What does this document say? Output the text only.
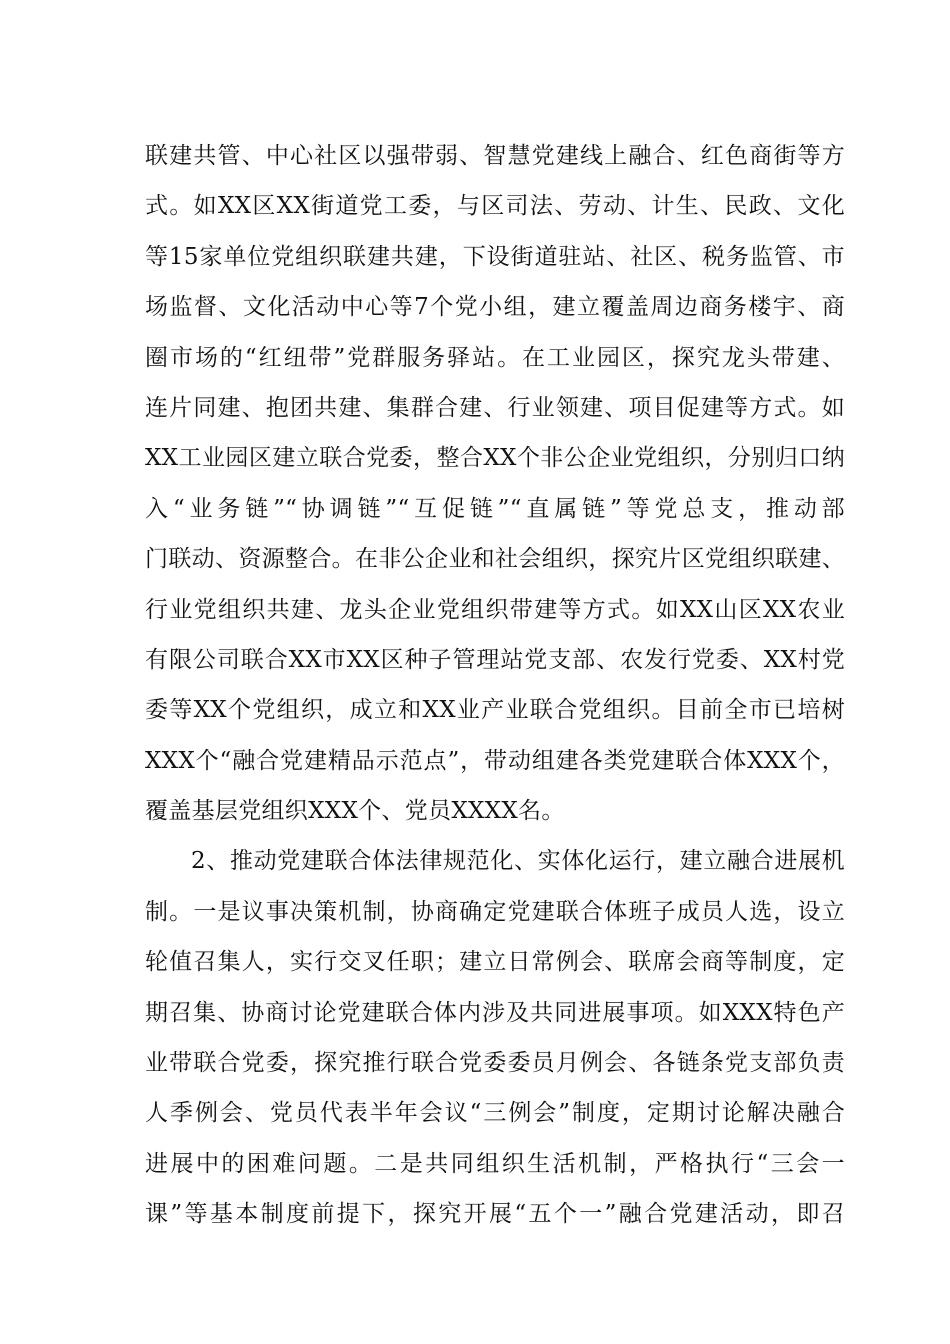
联建共管、中心社区以强带弱、智慧党建线上融合、红色商街等方
式。如XX区XX街道党工委，与区司法、劳动、计生、民政、文化
等15家单位党组织联建共建，下设街道驻站、社区、税务监管、市
场监督、文化活动中心等7个党小组，建立覆盖周边商务楼宇、商
圈市场的“红纽带”党群服务驿站。在工业园区，探究龙头带建、
连片同建、抱团共建、集群合建、行业领建、项目促建等方式。如
XX工业园区建立联合党委，整合XX个非公企业党组织，分别归口纳
入“业务链”“协调链”“互促链”“直属链”等党总支，推动部
门联动、资源整合。在非公企业和社会组织，探究片区党组织联建、
行业党组织共建、龙头企业党组织带建等方式。如XX山区XX农业
有限公司联合XX市XX区种子管理站党支部、农发行党委、XX村党
委等XX个党组织，成立和XX业产业联合党组织。目前全市已培树
XXX个“融合党建精品示范点”，带动组建各类党建联合体XXX个，
覆盖基层党组织XXX个、党员XXXX名。
2、推动党建联合体法律规范化、实体化运行，建立融合进展机
制。一是议事决策机制，协商确定党建联合体班子成员人选，设立
轮值召集人，实行交叉任职；建立日常例会、联席会商等制度，定
期召集、协商讨论党建联合体内涉及共同进展事项。如XXX特色产
业带联合党委，探究推行联合党委委员月例会、各链条党支部负责
人季例会、党员代表半年会议“三例会”制度，定期讨论解决融合
进展中的困难问题。二是共同组织生活机制，严格执行“三会一
课”等基本制度前提下，探究开展“五个一”融合党建活动，即召
